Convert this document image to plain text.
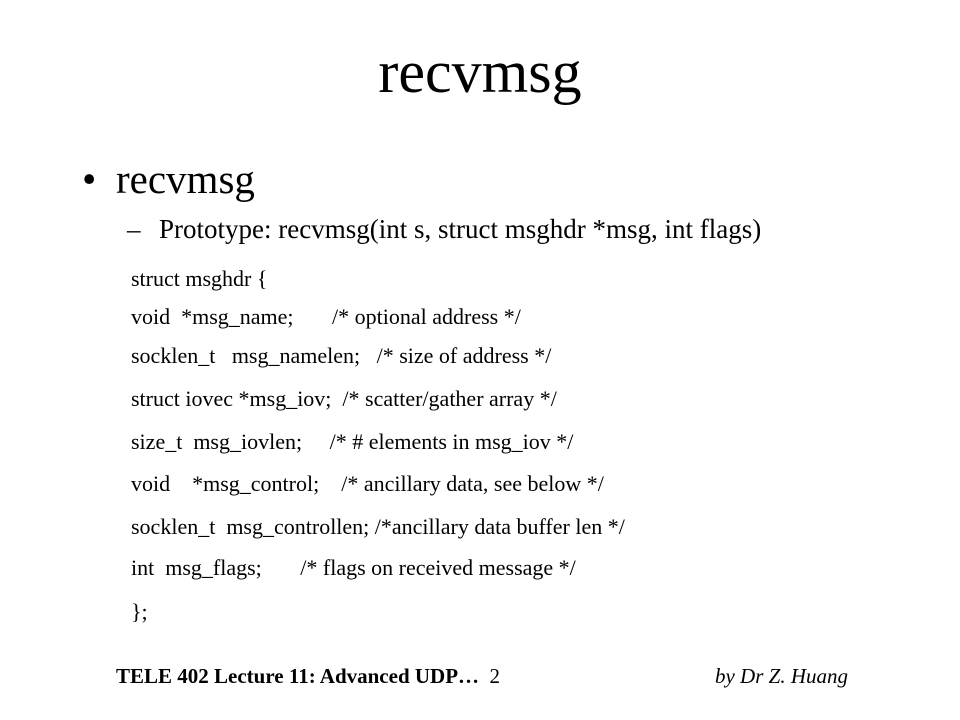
recvmsg
• recvmsg
– Prototype: recvmsg(int s, struct msghdr *msg, int flags)
struct msghdr {
void  *msg_name;       /* optional address */
socklen_t   msg_namelen;   /* size of address */
struct iovec *msg_iov;  /* scatter/gather array */
size_t  msg_iovlen;     /* # elements in msg_iov */
void    *msg_control;    /* ancillary data, see below */
socklen_t  msg_controllen; /*ancillary data buffer len */
int  msg_flags;       /* flags on received message */
};
TELE 402 Lecture 11: Advanced UDP… 2	by Dr Z. Huang
